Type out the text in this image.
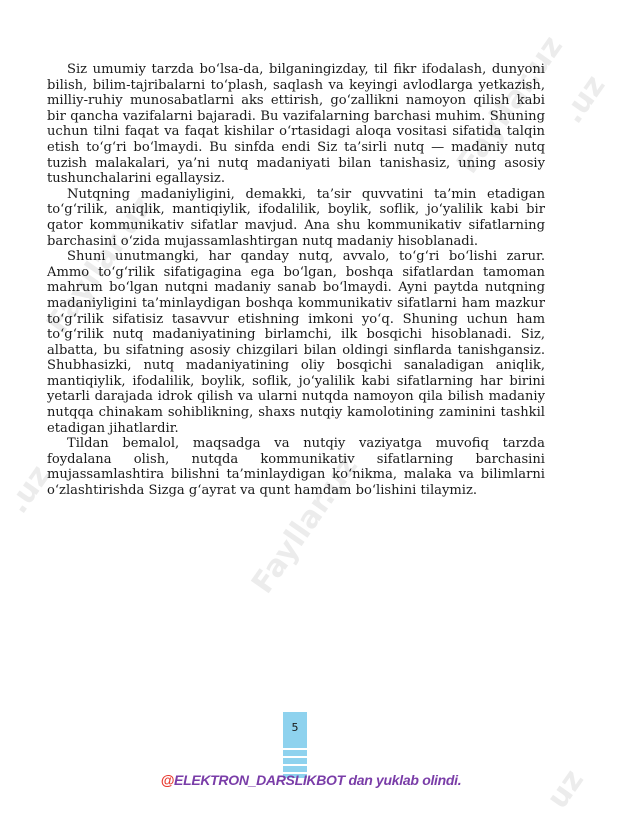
Fayllar.uz
Fayllar.uz
Fayllar.uz
.uz
.uz
uz

Siz umumiy tarzda bo‘lsa-da, bilganingizday, til fikr ifodalash, dunyoni bilish, bilim-tajribalarni to‘plash, saqlash va keyingi avlodlarga yetkazish, milliy-ruhiy munosabatlarni aks ettirish, go‘zallikni namoyon qilish kabi bir qancha vazifalarni bajaradi. Bu vazifalarning barchasi muhim. Shuning uchun tilni faqat va faqat kishilar o‘rtasidagi aloqa vositasi sifatida talqin etish to‘g‘ri bo‘lmaydi. Bu sinfda endi Siz ta’sirli nutq — madaniy nutq tuzish malakalari, ya’ni nutq madaniyati bilan tanishasiz, uning asosiy tushunchalarini egallaysiz.

Nutqning madaniyligini, demakki, ta’sir quvvatini ta’min etadigan to‘g‘rilik, aniqlik, mantiqiylik, ifodalilik, boylik, soflik, jo‘yalilik kabi bir qator kommunikativ sifatlar mavjud. Ana shu kommunikativ sifatlarning barchasini o‘zida mujassamlashtirgan nutq madaniy hisoblanadi.

Shuni unutmangki, har qanday nutq, avvalo, to‘g‘ri bo‘lishi zarur. Ammo to‘g‘rilik sifatigagina ega bo‘lgan, boshqa sifatlardan tamoman mahrum bo‘lgan nutqni madaniy sanab bo‘lmaydi. Ayni paytda nutqning madaniyligini ta’minlaydigan boshqa kommunikativ sifatlarni ham mazkur to‘g‘rilik sifatisiz tasavvur etishning imkoni yo‘q. Shuning uchun ham to‘g‘rilik nutq madaniyatining birlamchi, ilk bosqichi hisoblanadi. Siz, albatta, bu sifatning asosiy chizgilari bilan oldingi sinflarda tanishgansiz. Shubhasizki, nutq madaniyatining oliy bosqichi sanaladigan aniqlik, mantiqiylik, ifodalilik, boylik, soflik, jo‘yalilik kabi sifatlarning har birini yetarli darajada idrok qilish va ularni nutqda namoyon qila bilish madaniy nutqqa chinakam sohiblikning, shaxs nutqiy kamolotining zaminini tashkil etadigan jihatlardir.

Tildan bemalol, maqsadga va nutqiy vaziyatga muvofiq tarzda foydalana olish, nutqda kommunikativ sifatlarning barchasini mujassamlashtira bilishni ta’minlaydigan ko‘nikma, malaka va bilimlarni o‘zlashtirishda Sizga g‘ayrat va qunt hamdam bo‘lishini tilaymiz.

5
@ELEKTRON_DARSLIKBOT dan yuklab olindi.
